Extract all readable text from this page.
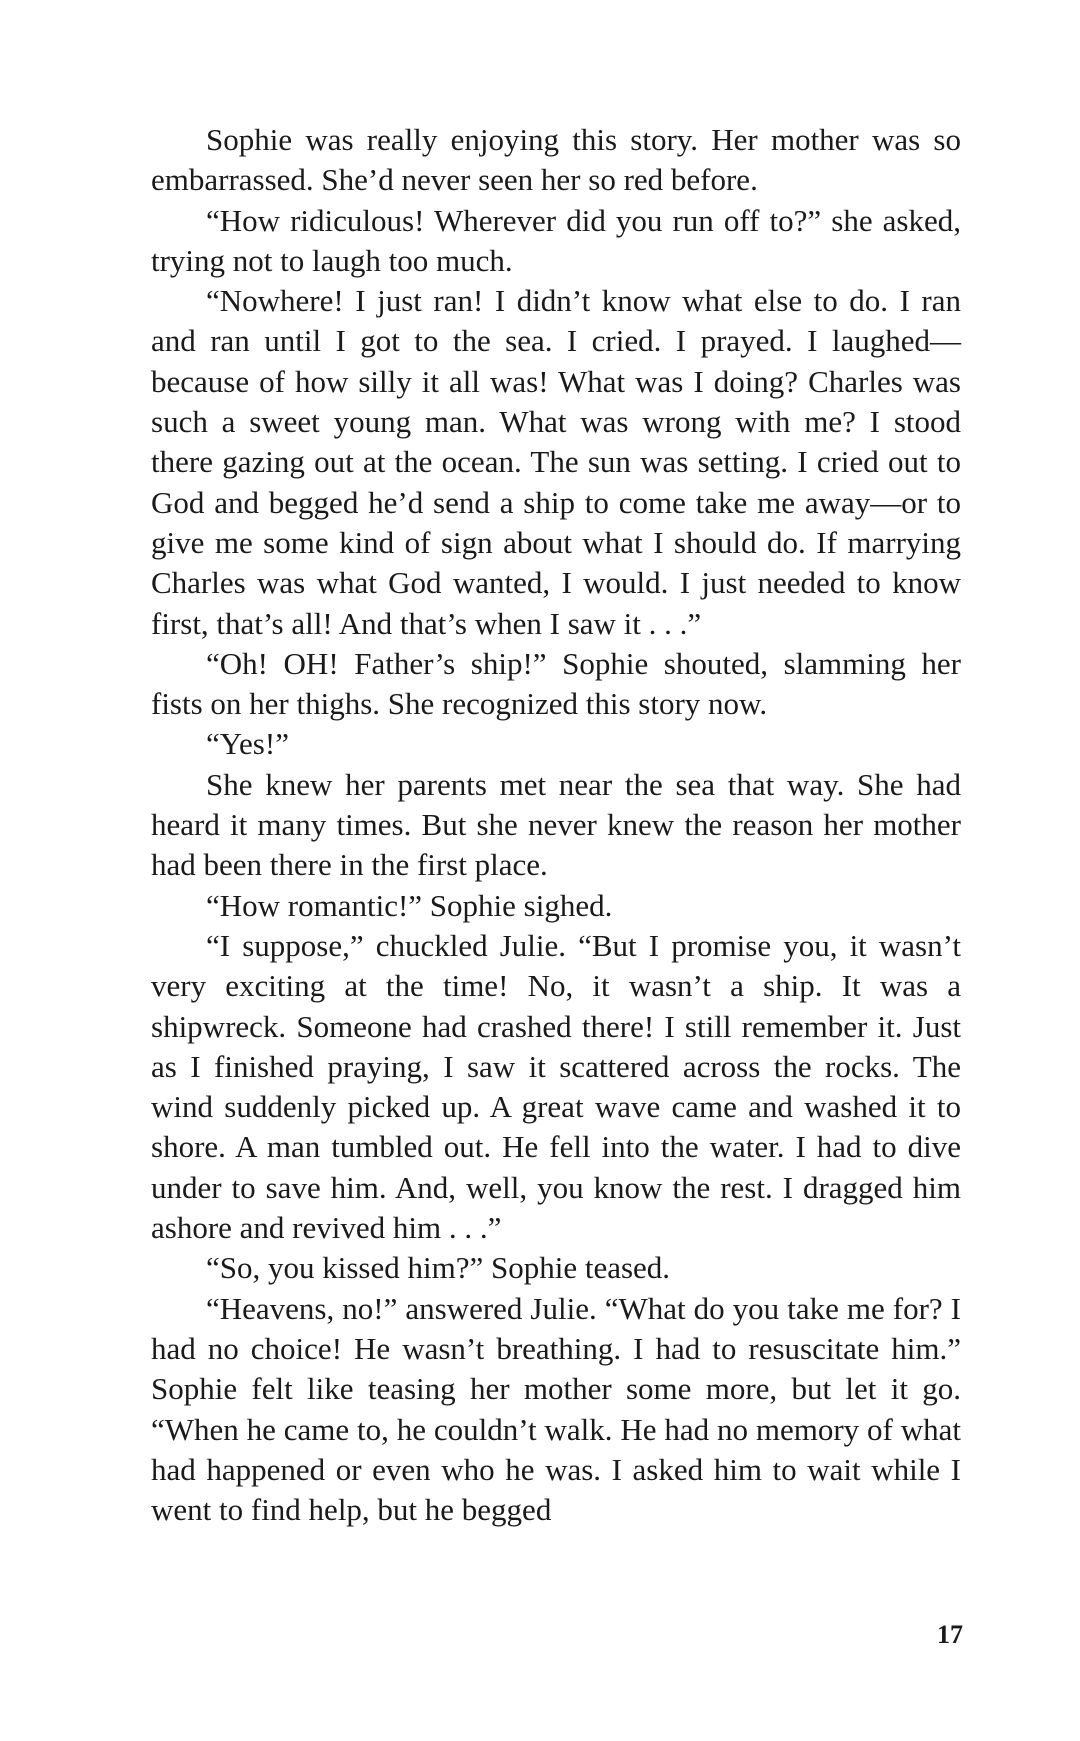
Sophie was really enjoying this story. Her mother was so embarrassed. She’d never seen her so red before.

“How ridiculous! Wherever did you run off to?” she asked, trying not to laugh too much.

“Nowhere! I just ran! I didn’t know what else to do. I ran and ran until I got to the sea. I cried. I prayed. I laughed—because of how silly it all was! What was I doing? Charles was such a sweet young man. What was wrong with me? I stood there gazing out at the ocean. The sun was setting. I cried out to God and begged he’d send a ship to come take me away—or to give me some kind of sign about what I should do. If marrying Charles was what God wanted, I would. I just needed to know first, that’s all! And that’s when I saw it . . .”

“Oh! OH! Father’s ship!” Sophie shouted, slamming her fists on her thighs. She recognized this story now.

“Yes!”

She knew her parents met near the sea that way. She had heard it many times. But she never knew the reason her mother had been there in the first place.

“How romantic!” Sophie sighed.

“I suppose,” chuckled Julie. “But I promise you, it wasn’t very exciting at the time! No, it wasn’t a ship. It was a shipwreck. Someone had crashed there! I still remember it. Just as I finished praying, I saw it scattered across the rocks. The wind suddenly picked up. A great wave came and washed it to shore. A man tumbled out. He fell into the water. I had to dive under to save him. And, well, you know the rest. I dragged him ashore and revived him . . .”

“So, you kissed him?” Sophie teased.

“Heavens, no!” answered Julie. “What do you take me for? I had no choice! He wasn’t breathing. I had to resuscitate him.” Sophie felt like teasing her mother some more, but let it go. “When he came to, he couldn’t walk. He had no memory of what had happened or even who he was. I asked him to wait while I went to find help, but he begged

17
